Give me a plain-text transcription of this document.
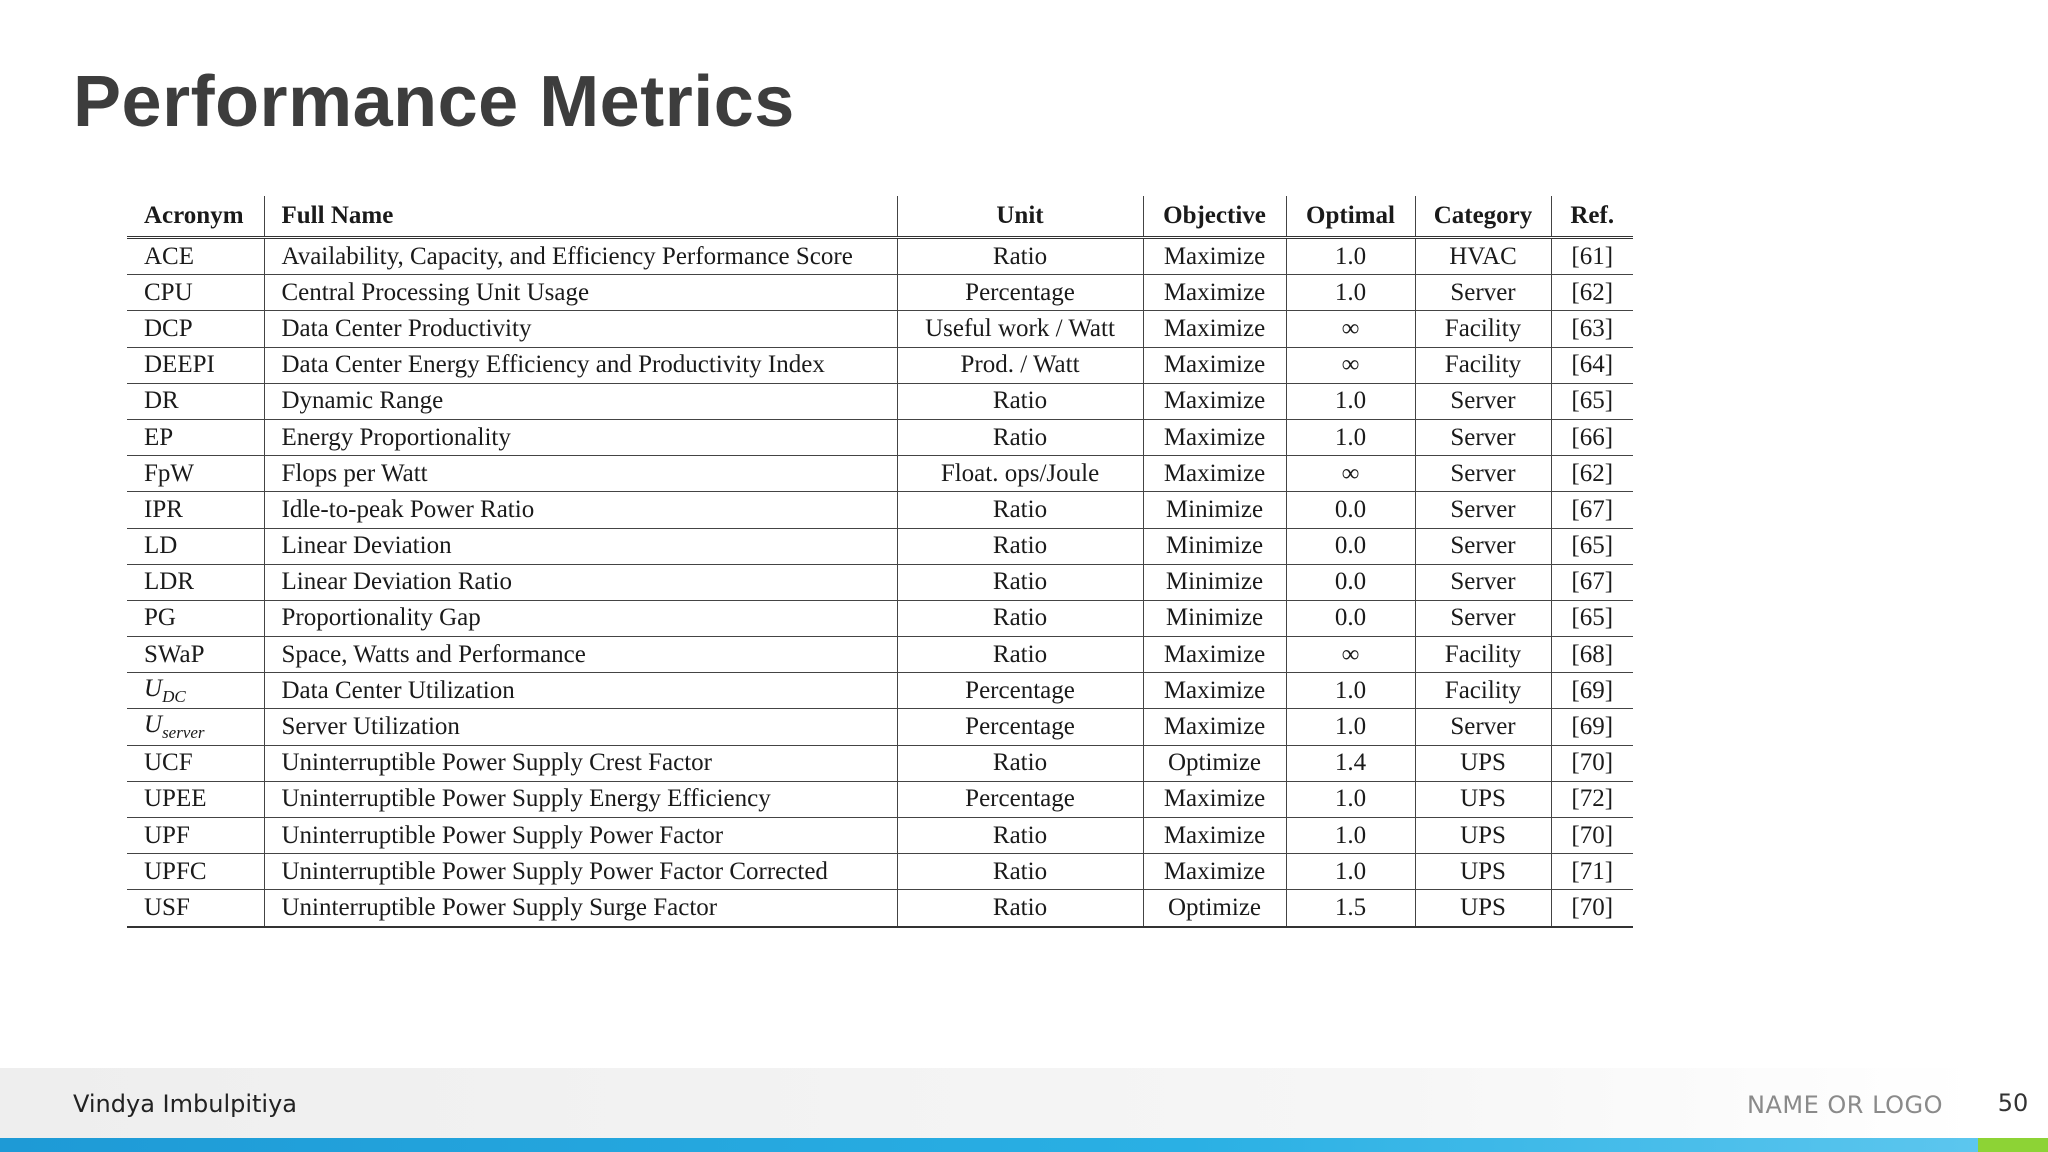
Performance Metrics
Acronym	Full Name	Unit	Objective	Optimal	Category	Ref.
ACE	Availability, Capacity, and Efficiency Performance Score	Ratio	Maximize	1.0	HVAC	[61]
CPU	Central Processing Unit Usage	Percentage	Maximize	1.0	Server	[62]
DCP	Data Center Productivity	Useful work / Watt	Maximize	∞	Facility	[63]
DEEPI	Data Center Energy Efficiency and Productivity Index	Prod. / Watt	Maximize	∞	Facility	[64]
DR	Dynamic Range	Ratio	Maximize	1.0	Server	[65]
EP	Energy Proportionality	Ratio	Maximize	1.0	Server	[66]
FpW	Flops per Watt	Float. ops/Joule	Maximize	∞	Server	[62]
IPR	Idle-to-peak Power Ratio	Ratio	Minimize	0.0	Server	[67]
LD	Linear Deviation	Ratio	Minimize	0.0	Server	[65]
LDR	Linear Deviation Ratio	Ratio	Minimize	0.0	Server	[67]
PG	Proportionality Gap	Ratio	Minimize	0.0	Server	[65]
SWaP	Space, Watts and Performance	Ratio	Maximize	∞	Facility	[68]
$U_{DC}$	Data Center Utilization	Percentage	Maximize	1.0	Facility	[69]
$U_{server}$	Server Utilization	Percentage	Maximize	1.0	Server	[69]
UCF	Uninterruptible Power Supply Crest Factor	Ratio	Optimize	1.4	UPS	[70]
UPEE	Uninterruptible Power Supply Energy Efficiency	Percentage	Maximize	1.0	UPS	[72]
UPF	Uninterruptible Power Supply Power Factor	Ratio	Maximize	1.0	UPS	[70]
UPFC	Uninterruptible Power Supply Power Factor Corrected	Ratio	Maximize	1.0	UPS	[71]
USF	Uninterruptible Power Supply Surge Factor	Ratio	Optimize	1.5	UPS	[70]
Vindya Imbulpitiya	NAME OR LOGO	50
